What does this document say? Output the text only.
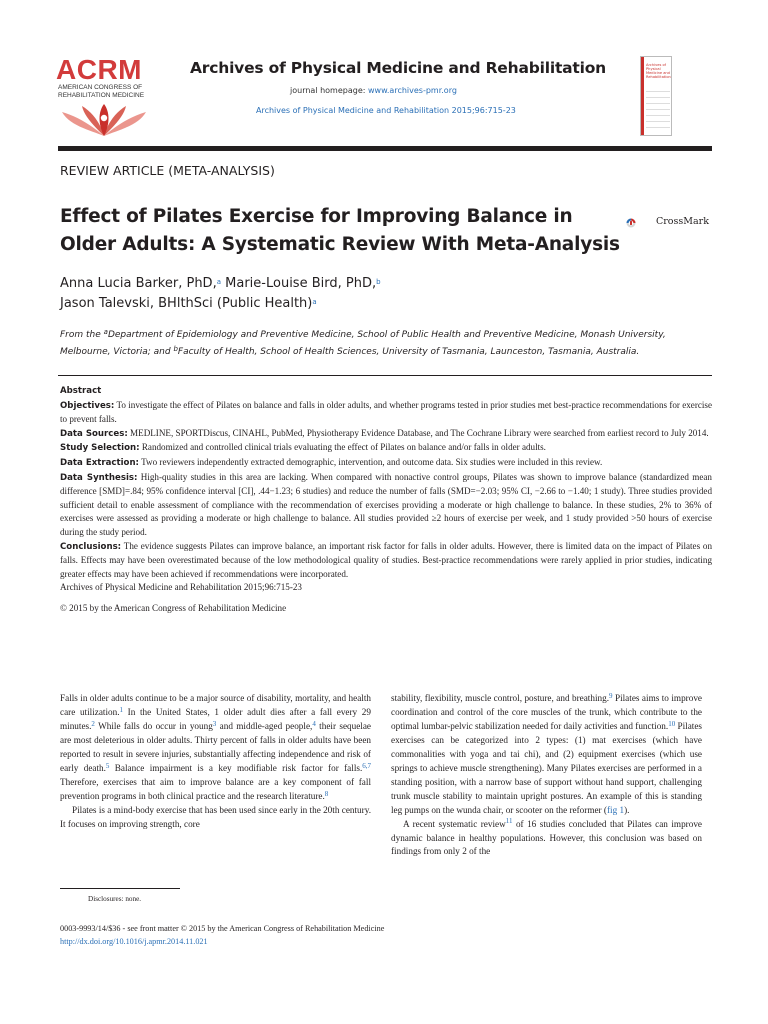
ACRM
AMERICAN CONGRESS OF
REHABILITATION MEDICINE
Archives of Physical Medicine and Rehabilitation
journal homepage: www.archives-pmr.org
Archives of Physical Medicine and Rehabilitation 2015;96:715-23
Archives of Physical Medicine and Rehabilitation
REVIEW ARTICLE (META-ANALYSIS)
Effect of Pilates Exercise for Improving Balance in
Older Adults: A Systematic Review With Meta-Analysis
CrossMark
Anna Lucia Barker, PhD,$^a$ Marie-Louise Bird, PhD,$^b$
Jason Talevski, BHlthSci (Public Health)$^a$
From the $^a$Department of Epidemiology and Preventive Medicine, School of Public Health and Preventive Medicine, Monash University,
Melbourne, Victoria; and $^b$Faculty of Health, School of Health Sciences, University of Tasmania, Launceston, Tasmania, Australia.

Abstract

Objectives: To investigate the effect of Pilates on balance and falls in older adults, and whether programs tested in prior studies met best-practice recommendations for exercise to prevent falls.

Data Sources: MEDLINE, SPORTDiscus, CINAHL, PubMed, Physiotherapy Evidence Database, and The Cochrane Library were searched from earliest record to July 2014.

Study Selection: Randomized and controlled clinical trials evaluating the effect of Pilates on balance and/or falls in older adults.

Data Extraction: Two reviewers independently extracted demographic, intervention, and outcome data. Six studies were included in this review.

Data Synthesis: High-quality studies in this area are lacking. When compared with nonactive control groups, Pilates was shown to improve balance (standardized mean difference [SMD]=.84; 95% confidence interval [CI], .44−1.23; 6 studies) and reduce the number of falls (SMD=−2.03; 95% CI, −2.66 to −1.40; 1 study). Three studies provided sufficient detail to enable assessment of compliance with the recommendation of exercises providing a moderate or high challenge to balance. In these studies, 2% to 36% of exercises were assessed as providing a moderate or high challenge to balance. All studies provided ≥2 hours of exercise per week, and 1 study provided >50 hours of exercise during the study period.

Conclusions: The evidence suggests Pilates can improve balance, an important risk factor for falls in older adults. However, there is limited data on the impact of Pilates on falls. Effects may have been overestimated because of the low methodological quality of studies. Best-practice recommendations were rarely applied in prior studies, indicating greater effects may have been achieved if recommendations were incorporated.

Archives of Physical Medicine and Rehabilitation 2015;96:715-23

© 2015 by the American Congress of Rehabilitation Medicine

Falls in older adults continue to be a major source of disability, mortality, and health care utilization.$^1$ In the United States, 1 older adult dies after a fall every 29 minutes.$^2$ While falls do occur in young$^3$ and middle-aged people,$^4$ their sequelae are most deleterious in older adults. Thirty percent of falls in older adults have been reported to result in severe injuries, substantially affecting independence and risk of early death.$^5$ Balance impairment is a key modifiable risk factor for falls.$^{6,7}$ Therefore, exercises that aim to improve balance are a key component of fall prevention programs in both clinical practice and the research literature.$^8$

Pilates is a mind-body exercise that has been used since early in the 20th century. It focuses on improving strength, core

stability, flexibility, muscle control, posture, and breathing.$^9$ Pilates aims to improve coordination and control of the core muscles of the trunk, which contribute to the optimal lumbar-pelvic stabilization needed for daily activities and function.$^{10}$ Pilates exercises can be categorized into 2 types: (1) mat exercises (which have commonalities with yoga and tai chi), and (2) equipment exercises (which use springs to achieve muscle strengthening). Many Pilates exercises are performed in a standing position, with a narrow base of support without hand support, challenging trunk muscle stability to maintain upright postures. An example of this is standing leg pumps on the wunda chair, or scooter on the reformer (fig 1).

A recent systematic review$^{11}$ of 16 studies concluded that Pilates can improve dynamic balance in healthy populations. However, this conclusion was based on findings from only 2 of the

Disclosures: none.
0003-9993/14/$36 - see front matter © 2015 by the American Congress of Rehabilitation Medicine
http://dx.doi.org/10.1016/j.apmr.2014.11.021
